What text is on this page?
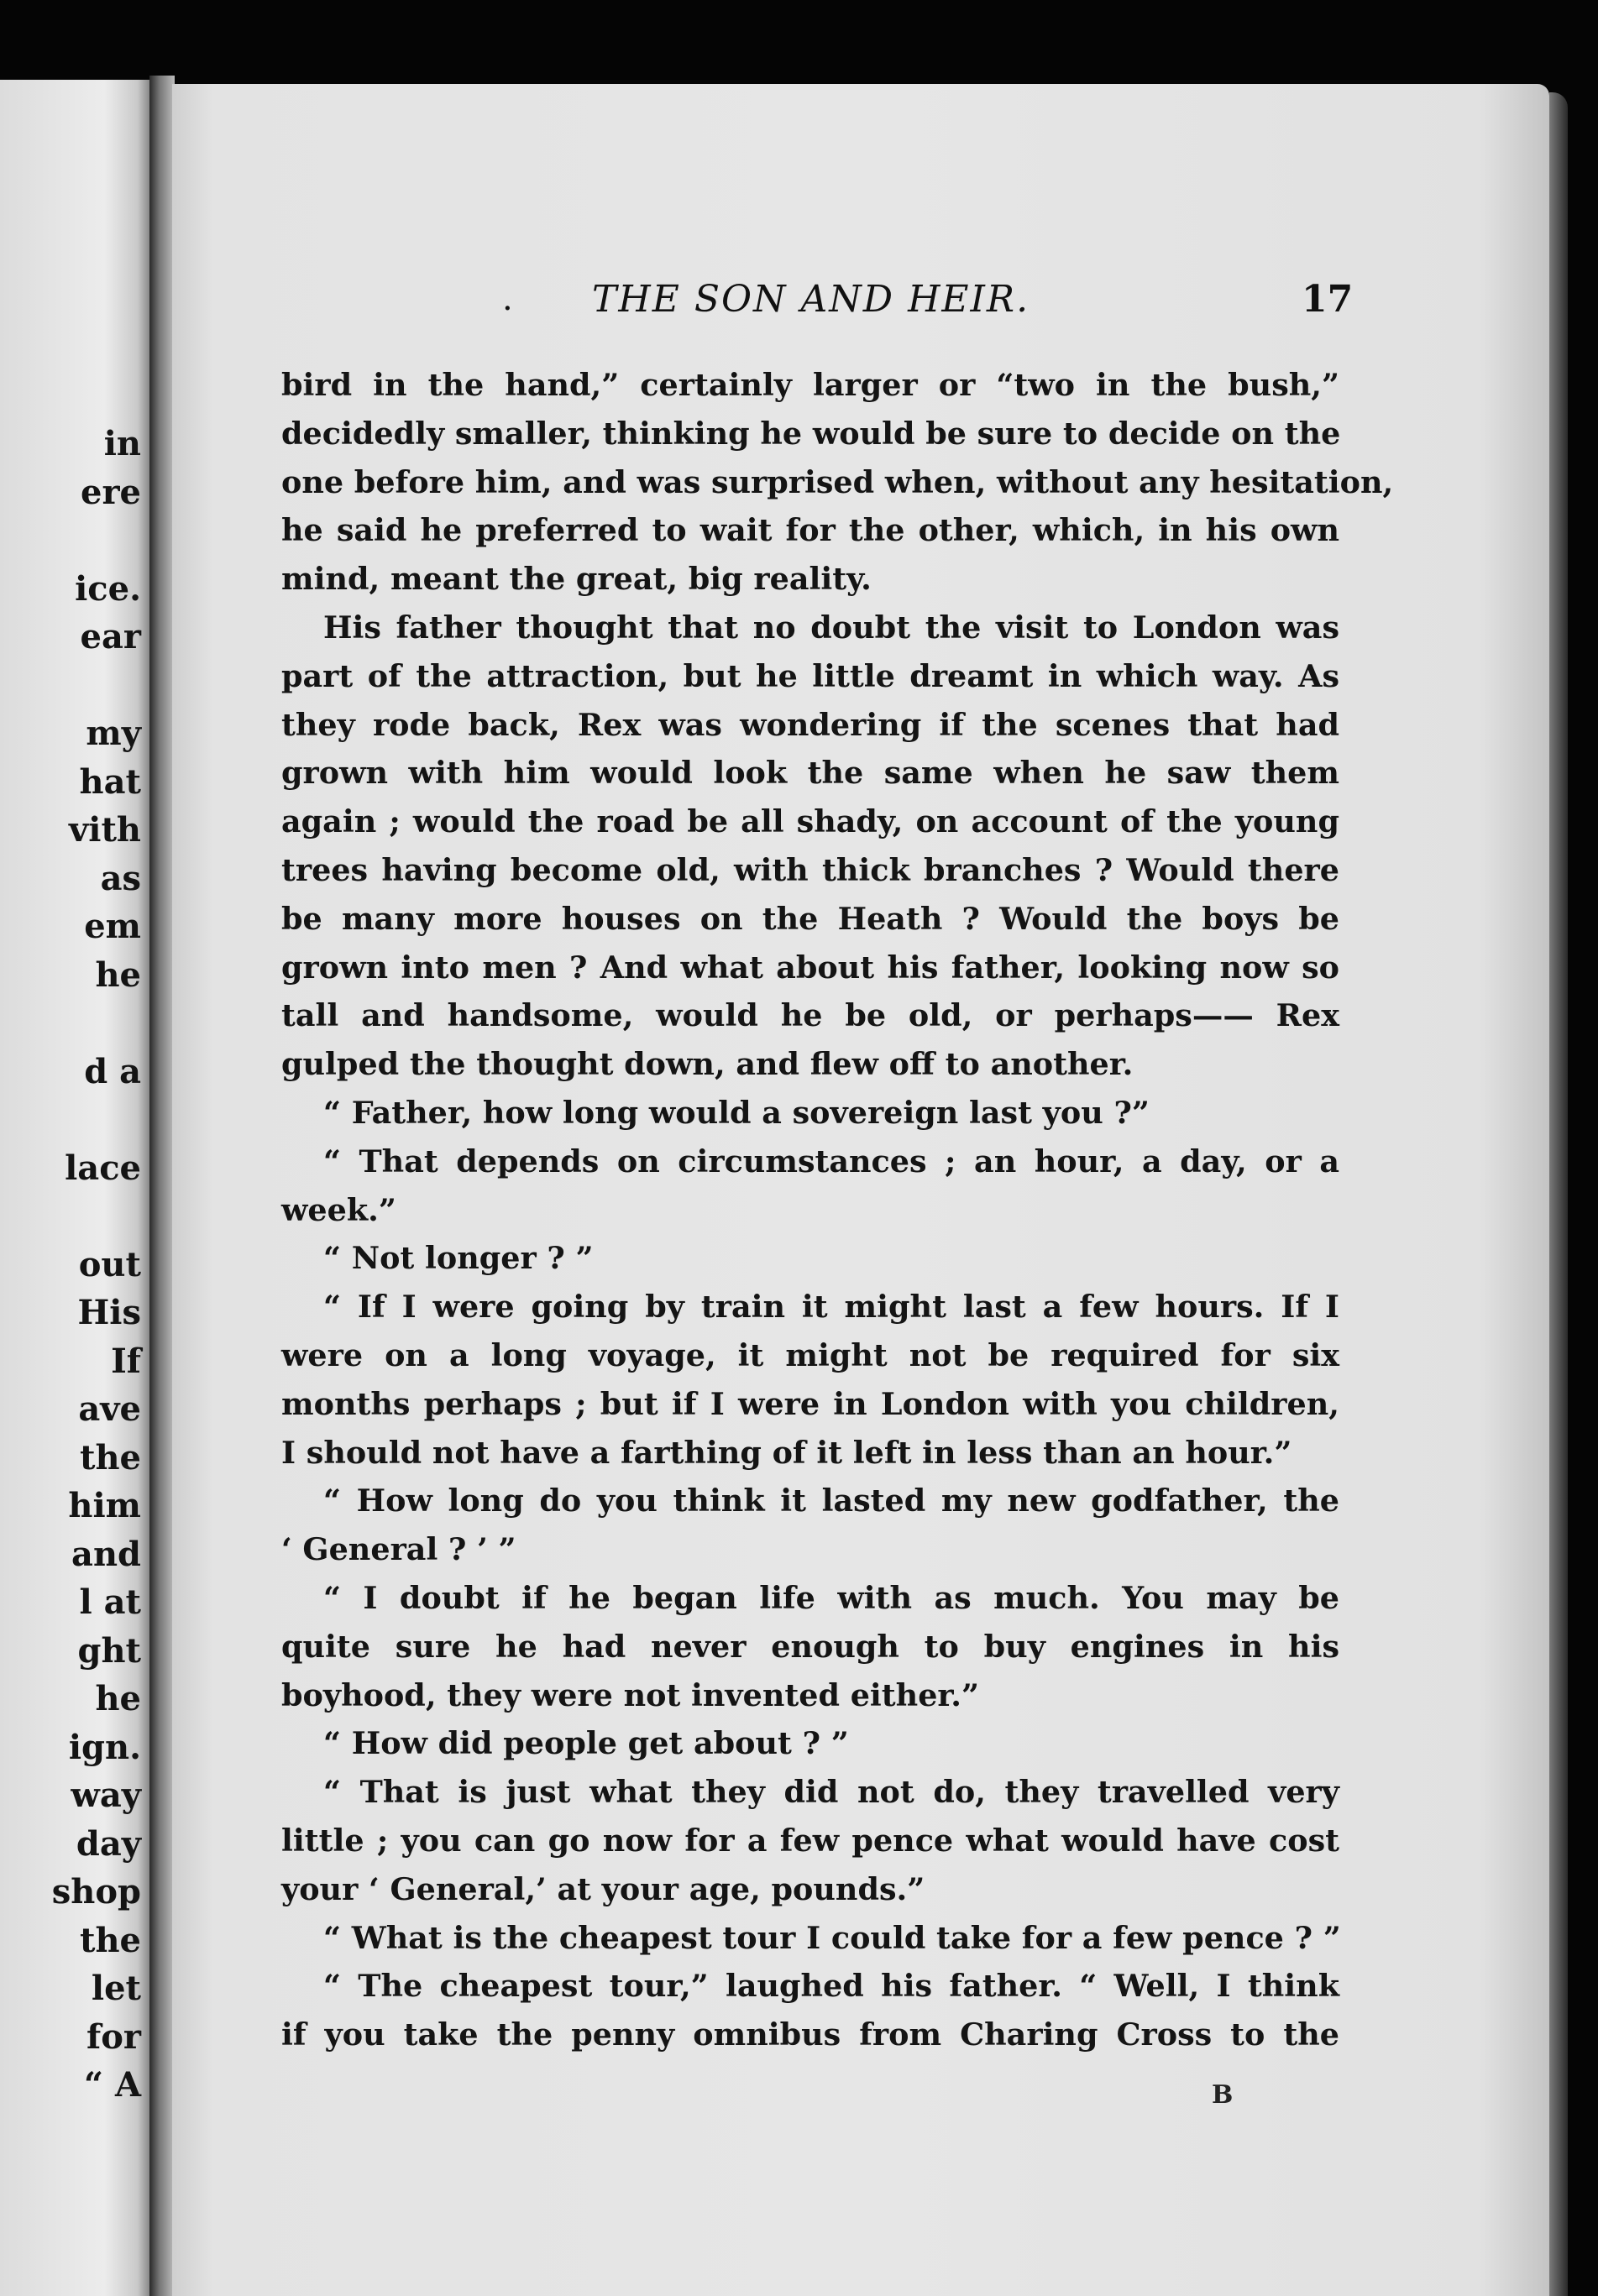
in
ere
ice.
ear
my
hat
vith
as
em
he
d a
lace
out
His
If
ave
the
him
and
l at
ght
he
ign.
way
day
shop
the
let
for
“ A
. THE SON AND HEIR.	17
bird in the hand,” certainly larger or “two in the bush,”
decidedly smaller, thinking he would be sure to decide on the
one before him, and was surprised when, without any hesitation,
he said he preferred to wait for the other, which, in his own
mind, meant the great, big reality.
His father thought that no doubt the visit to London was
part of the attraction, but he little dreamt in which way. As
they rode back, Rex was wondering if the scenes that had
grown with him would look the same when he saw them
again ; would the road be all shady, on account of the young
trees having become old, with thick branches ? Would there
be many more houses on the Heath ? Would the boys be
grown into men ? And what about his father, looking now so
tall and handsome, would he be old, or perhaps—— Rex
gulped the thought down, and flew off to another.
“ Father, how long would a sovereign last you ?”
“ That depends on circumstances ; an hour, a day, or a
week.”
“ Not longer ? ”
“ If I were going by train it might last a few hours. If I
were on a long voyage, it might not be required for six
months perhaps ; but if I were in London with you children,
I should not have a farthing of it left in less than an hour.”
“ How long do you think it lasted my new godfather, the
‘ General ? ’ ”
“ I doubt if he began life with as much. You may be
quite sure he had never enough to buy engines in his
boyhood, they were not invented either.”
“ How did people get about ? ”
“ That is just what they did not do, they travelled very
little ; you can go now for a few pence what would have cost
your ‘ General,’ at your age, pounds.”
“ What is the cheapest tour I could take for a few pence ? ”
“ The cheapest tour,” laughed his father. “ Well, I think
if you take the penny omnibus from Charing Cross to the
B
